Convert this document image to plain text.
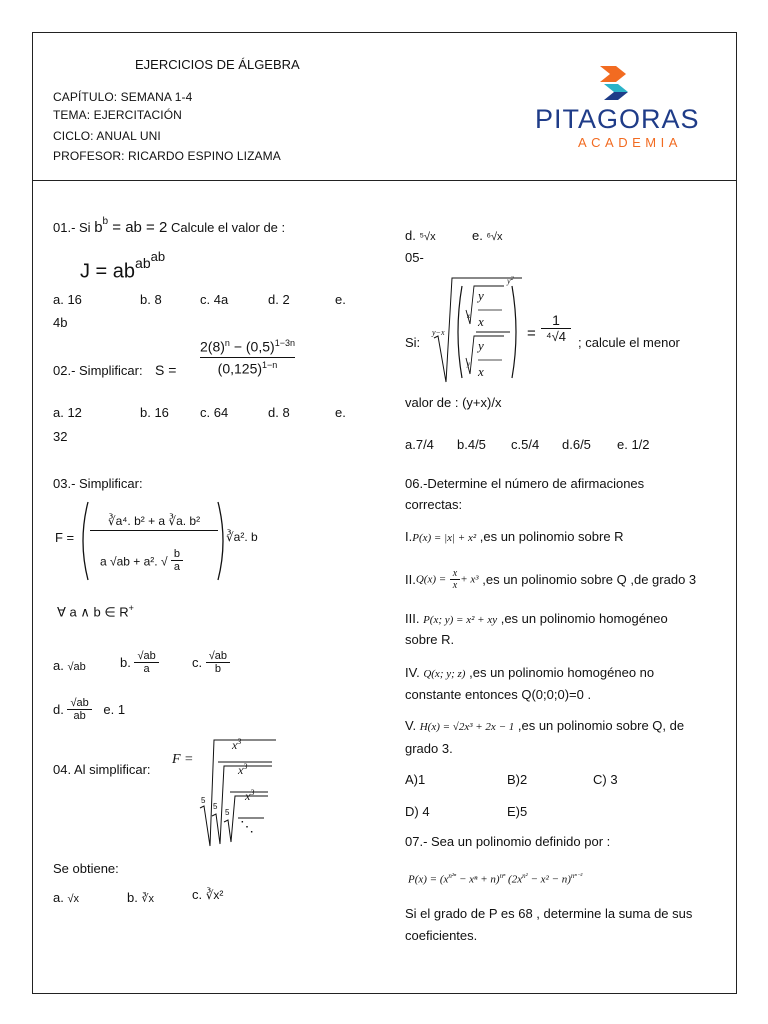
EJERCICIOS DE ÁLGEBRA
CAPÍTULO: SEMANA 1-4
TEMA: EJERCITACIÓN
CICLO: ANUAL UNI
PROFESOR: RICARDO ESPINO LIZAMA
PITAGORAS
ACADEMIA
01.- Si $b^b$ = ab = 2 Calcule el valor de :
$J = ab^{ab^{ab}}$
a. 16	b. 8	c. 4a	d. 2	e.
4b
02.- Simplificar: S =
$2(8)^n - (0,5)^{1-3n}$
$(0,125)^{1-n}$
a. 12	b. 16 c. 64	d. 8	e.
32
03.- Simplificar:
F =
∛a⁴. b² + a ∛a. b²
a √ab + a². √ $\frac{b}{a}$
∛a². b
∀ a ∧ b ∈ R+
a. √ab	b. $\frac{√ab}{a}$	c. $\frac{√ab}{b}$
d. $\frac{√ab}{ab} e$. 1
04. Al simplificar:
F =
$x^3$
$x^3$
$x^3$
5
5
5
⋱
Se obtiene:
a. √x	b. ∛x	c. ∛x²
d. ⁵√x	e. ⁶√x
05-
Si:
y−x
x
y
x
y
y
x
$y^2$
=
1
⁴√4 ; calcule el menor
valor de : (y+x)/x
a.7/4 b.4/5 c.5/4 d.6/5 e. 1/2
06.-Determine el número de afirmaciones
correctas:
I.P(x) = |x| + x² ,es un polinomio sobre R
$II.Q(x) = \frac{x}{x} + x^3$ ,es un polinomio sobre Q ,de grado 3
III. P(x; y) = x² + xy ,es un polinomio homogéneo
sobre R.
IV. Q(x; y; z) ,es un polinomio homogéneo no
constante entonces Q(0;0;0)=0 .
V. H(x) = √2x³ + 2x − 1 ,es un polinomio sobre Q, de
grado 3.
A)1	B)2	C) 3
D) 4	E)5
07.- Sea un polinomio definido por :
$P(x) = (x^{n^{2n}} - x^n + n)^{n^n}$ $(2x^{n^2} - x^2 - n)^{n^{n-2}}$
Si el grado de P es 68 , determine la suma de sus
coeficientes.
